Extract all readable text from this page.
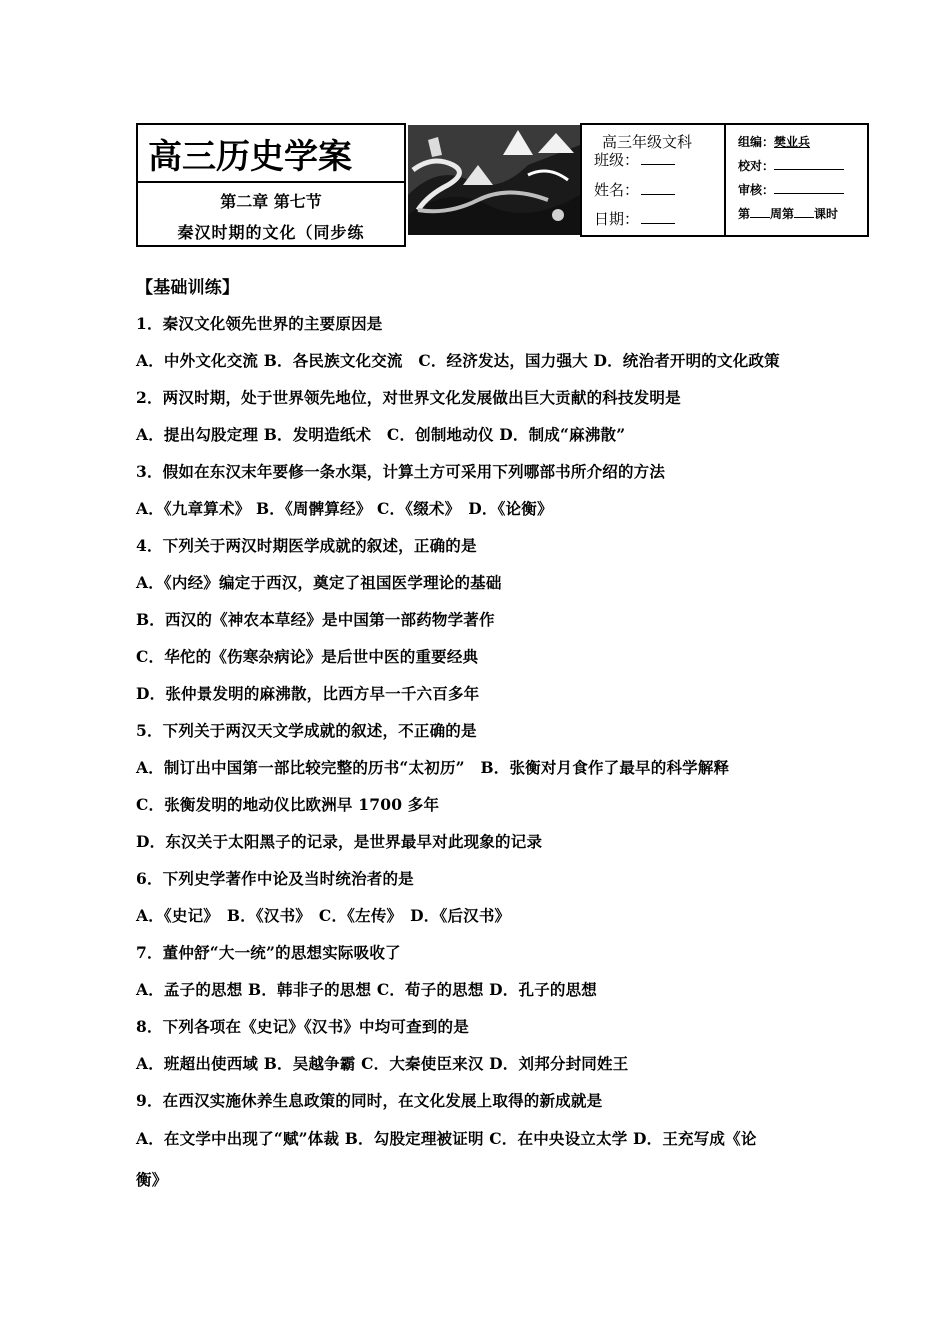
高三历史学案
第二章 第七节
秦汉时期的文化（同步练
高三年级文科
班级：
姓名：
日期：
组编：樊业兵
校对：
审核：
第 周第 课时
【基础训练】
1．秦汉文化领先世界的主要原因是
A．中外文化交流 B．各民族文化交流　C．经济发达，国力强大 D．统治者开明的文化政策
2．两汉时期，处于世界领先地位，对世界文化发展做出巨大贡献的科技发明是
A．提出勾股定理 B．发明造纸术　C．创制地动仪 D．制成“麻沸散”
3．假如在东汉末年要修一条水渠，计算土方可采用下列哪部书所介绍的方法
A．《九章算术》 B．《周髀算经》 C．《缀术》　D．《论衡》
4．下列关于两汉时期医学成就的叙述，正确的是
A．《内经》编定于西汉，奠定了祖国医学理论的基础
B．西汉的《神农本草经》是中国第一部药物学著作
C．华佗的《伤寒杂病论》是后世中医的重要经典
D．张仲景发明的麻沸散，比西方早一千六百多年
5．下列关于两汉天文学成就的叙述，不正确的是
A．制订出中国第一部比较完整的历书“太初历”　B．张衡对月食作了最早的科学解释
C．张衡发明的地动仪比欧洲早 1700 多年
D．东汉关于太阳黑子的记录，是世界最早对此现象的记录
6．下列史学著作中论及当时统治者的是
A．《史记》　B．《汉书》　C．《左传》　D．《后汉书》
7．董仲舒“大一统”的思想实际吸收了
A．孟子的思想 B．韩非子的思想 C．荀子的思想 D．孔子的思想
8．下列各项在《史记》《汉书》中均可查到的是
A．班超出使西域 B．吴越争霸 C．大秦使臣来汉 D．刘邦分封同姓王
9．在西汉实施休养生息政策的同时，在文化发展上取得的新成就是
A．在文学中出现了“赋”体裁 B．勾股定理被证明 C．在中央设立太学 D．王充写成《论
衡》
